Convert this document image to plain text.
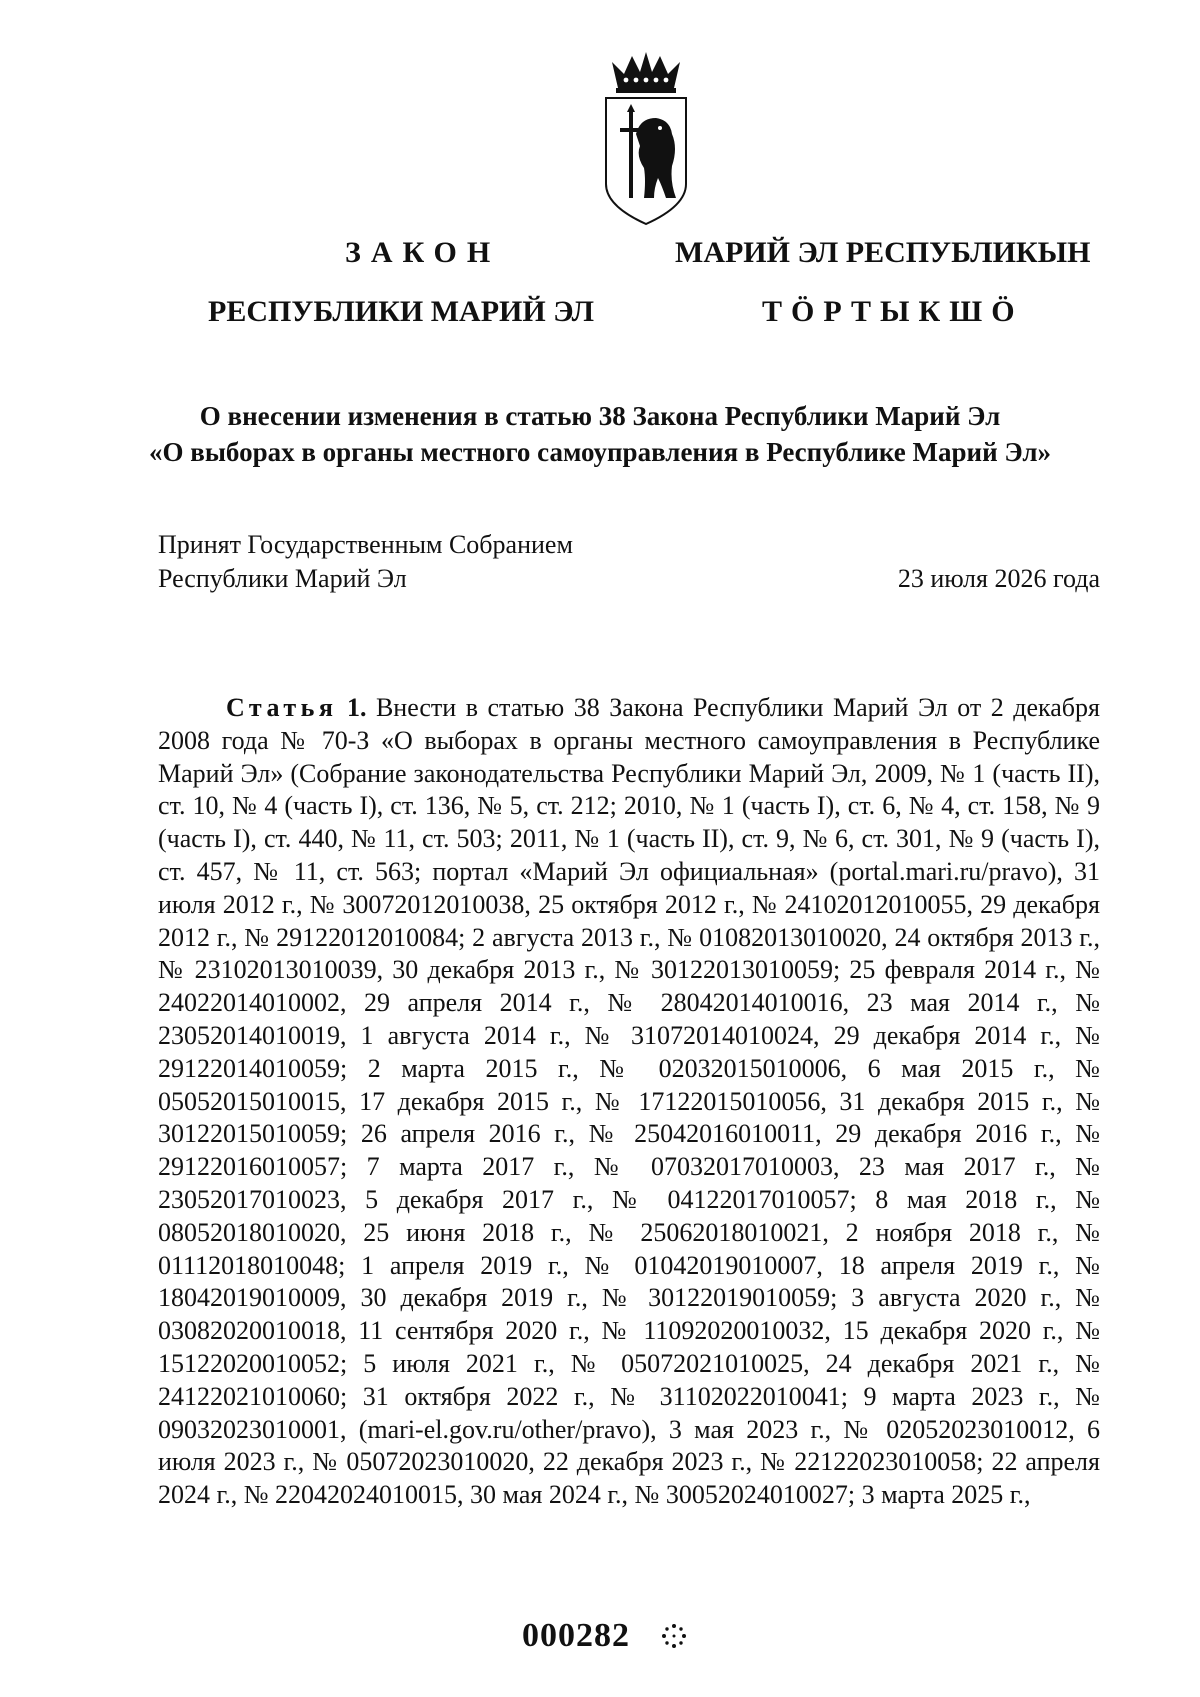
ЗАКОН	МАРИЙ ЭЛ РЕСПУБЛИКЫН
РЕСПУБЛИКИ МАРИЙ ЭЛ	ТӦРТЫКШӦ
О внесении изменения в статью 38 Закона Республики Марий Эл
«О выборах в органы местного самоуправления в Республике Марий Эл»
Принят Государственным Собранием
Республики Марий Эл	23 июля 2026 года

Статья 1. Внести в статью 38 Закона Республики Марий Эл от 2 декабря 2008 года № 70-З «О выборах в органы местного самоуправления в Республике Марий Эл» (Собрание законодательства Республики Марий Эл, 2009, № 1 (часть II), ст. 10, № 4 (часть I), ст. 136, № 5, ст. 212; 2010, № 1 (часть I), ст. 6, № 4, ст. 158, № 9 (часть I), ст. 440, № 11, ст. 503; 2011, № 1 (часть II), ст. 9, № 6, ст. 301, № 9 (часть I), ст. 457, № 11, ст. 563; портал «Марий Эл официальная» (portal.mari.ru/pravo), 31 июля 2012 г., № 30072012010038, 25 октября 2012 г., № 24102012010055, 29 декабря 2012 г., № 29122012010084; 2 августа 2013 г., № 01082013010020, 24 октября 2013 г., № 23102013010039, 30 декабря 2013 г., № 30122013010059; 25 февраля 2014 г., № 24022014010002, 29 апреля 2014 г., № 28042014010016, 23 мая 2014 г., № 23052014010019, 1 августа 2014 г., № 31072014010024, 29 декабря 2014 г., № 29122014010059; 2 марта 2015 г., № 02032015010006, 6 мая 2015 г., № 05052015010015, 17 декабря 2015 г., № 17122015010056, 31 декабря 2015 г., № 30122015010059; 26 апреля 2016 г., № 25042016010011, 29 декабря 2016 г., № 29122016010057; 7 марта 2017 г., № 07032017010003, 23 мая 2017 г., № 23052017010023, 5 декабря 2017 г., № 04122017010057; 8 мая 2018 г., № 08052018010020, 25 июня 2018 г., № 25062018010021, 2 ноября 2018 г., № 01112018010048; 1 апреля 2019 г., № 01042019010007, 18 апреля 2019 г., № 18042019010009, 30 декабря 2019 г., № 30122019010059; 3 августа 2020 г., № 03082020010018, 11 сентября 2020 г., № 11092020010032, 15 декабря 2020 г., № 15122020010052; 5 июля 2021 г., № 05072021010025, 24 декабря 2021 г., № 24122021010060; 31 октября 2022 г., № 31102022010041; 9 марта 2023 г., № 09032023010001, (mari-el.gov.ru/other/pravo), 3 мая 2023 г., № 02052023010012, 6 июля 2023 г., № 05072023010020, 22 декабря 2023 г., № 22122023010058; 22 апреля 2024 г., № 22042024010015, 30 мая 2024 г., № 30052024010027; 3 марта 2025 г.,

000282
